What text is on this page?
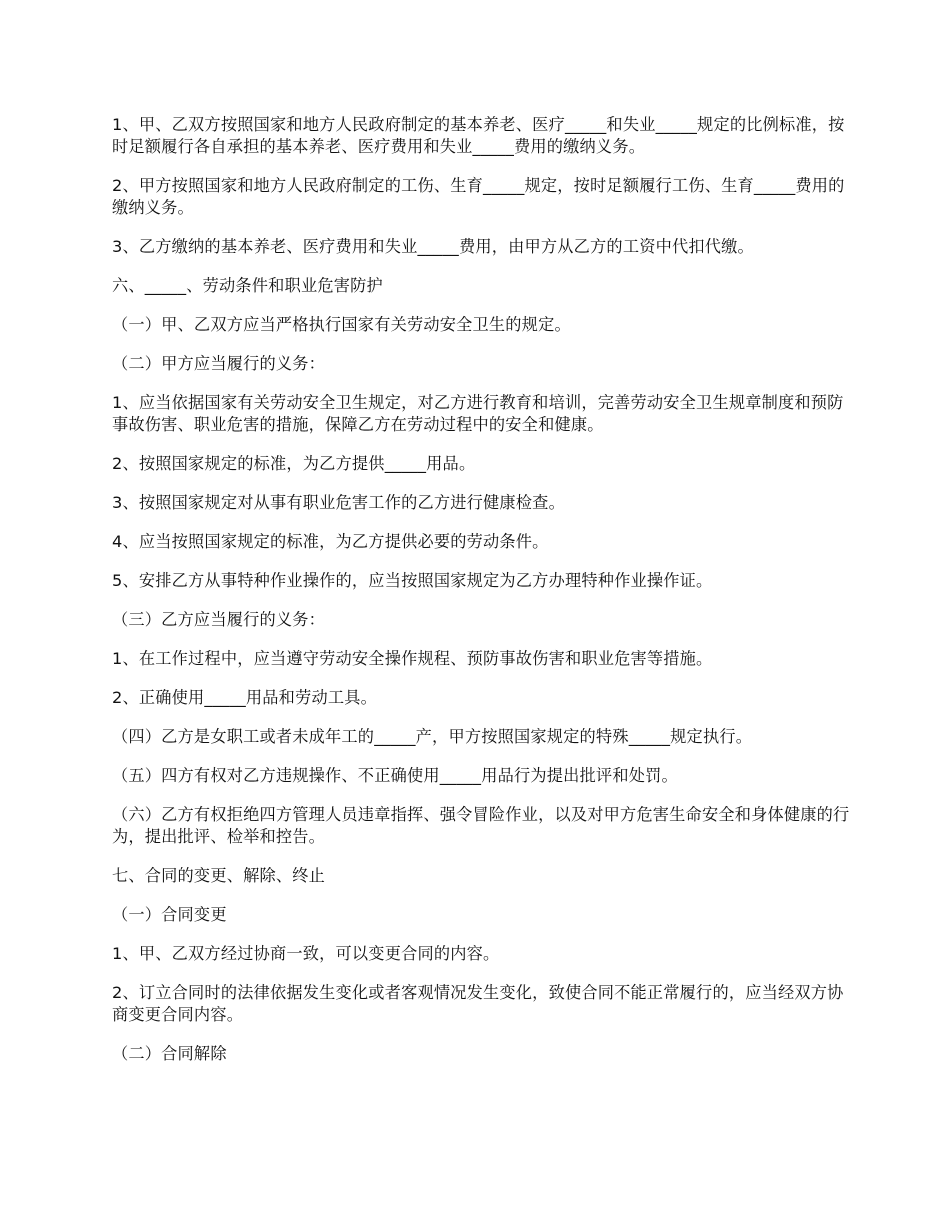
1、甲、乙双方按照国家和地方人民政府制定的基本养老、医疗_____和失业_____规定的比例标准，按时足额履行各自承担的基本养老、医疗费用和失业_____费用的缴纳义务。

2、甲方按照国家和地方人民政府制定的工伤、生育_____规定，按时足额履行工伤、生育_____费用的缴纳义务。

3、乙方缴纳的基本养老、医疗费用和失业_____费用，由甲方从乙方的工资中代扣代缴。

六、_____、劳动条件和职业危害防护

（一）甲、乙双方应当严格执行国家有关劳动安全卫生的规定。

（二）甲方应当履行的义务：

1、应当依据国家有关劳动安全卫生规定，对乙方进行教育和培训，完善劳动安全卫生规章制度和预防事故伤害、职业危害的措施，保障乙方在劳动过程中的安全和健康。

2、按照国家规定的标准，为乙方提供_____用品。

3、按照国家规定对从事有职业危害工作的乙方进行健康检查。

4、应当按照国家规定的标准，为乙方提供必要的劳动条件。

5、安排乙方从事特种作业操作的，应当按照国家规定为乙方办理特种作业操作证。

（三）乙方应当履行的义务：

1、在工作过程中，应当遵守劳动安全操作规程、预防事故伤害和职业危害等措施。

2、正确使用_____用品和劳动工具。

（四）乙方是女职工或者未成年工的_____产，甲方按照国家规定的特殊_____规定执行。

（五）四方有权对乙方违规操作、不正确使用_____用品行为提出批评和处罚。

（六）乙方有权拒绝四方管理人员违章指挥、强令冒险作业，以及对甲方危害生命安全和身体健康的行为，提出批评、检举和控告。

七、合同的变更、解除、终止

（一）合同变更

1、甲、乙双方经过协商一致，可以变更合同的内容。

2、订立合同时的法律依据发生变化或者客观情况发生变化，致使合同不能正常履行的，应当经双方协商变更合同内容。

（二）合同解除
